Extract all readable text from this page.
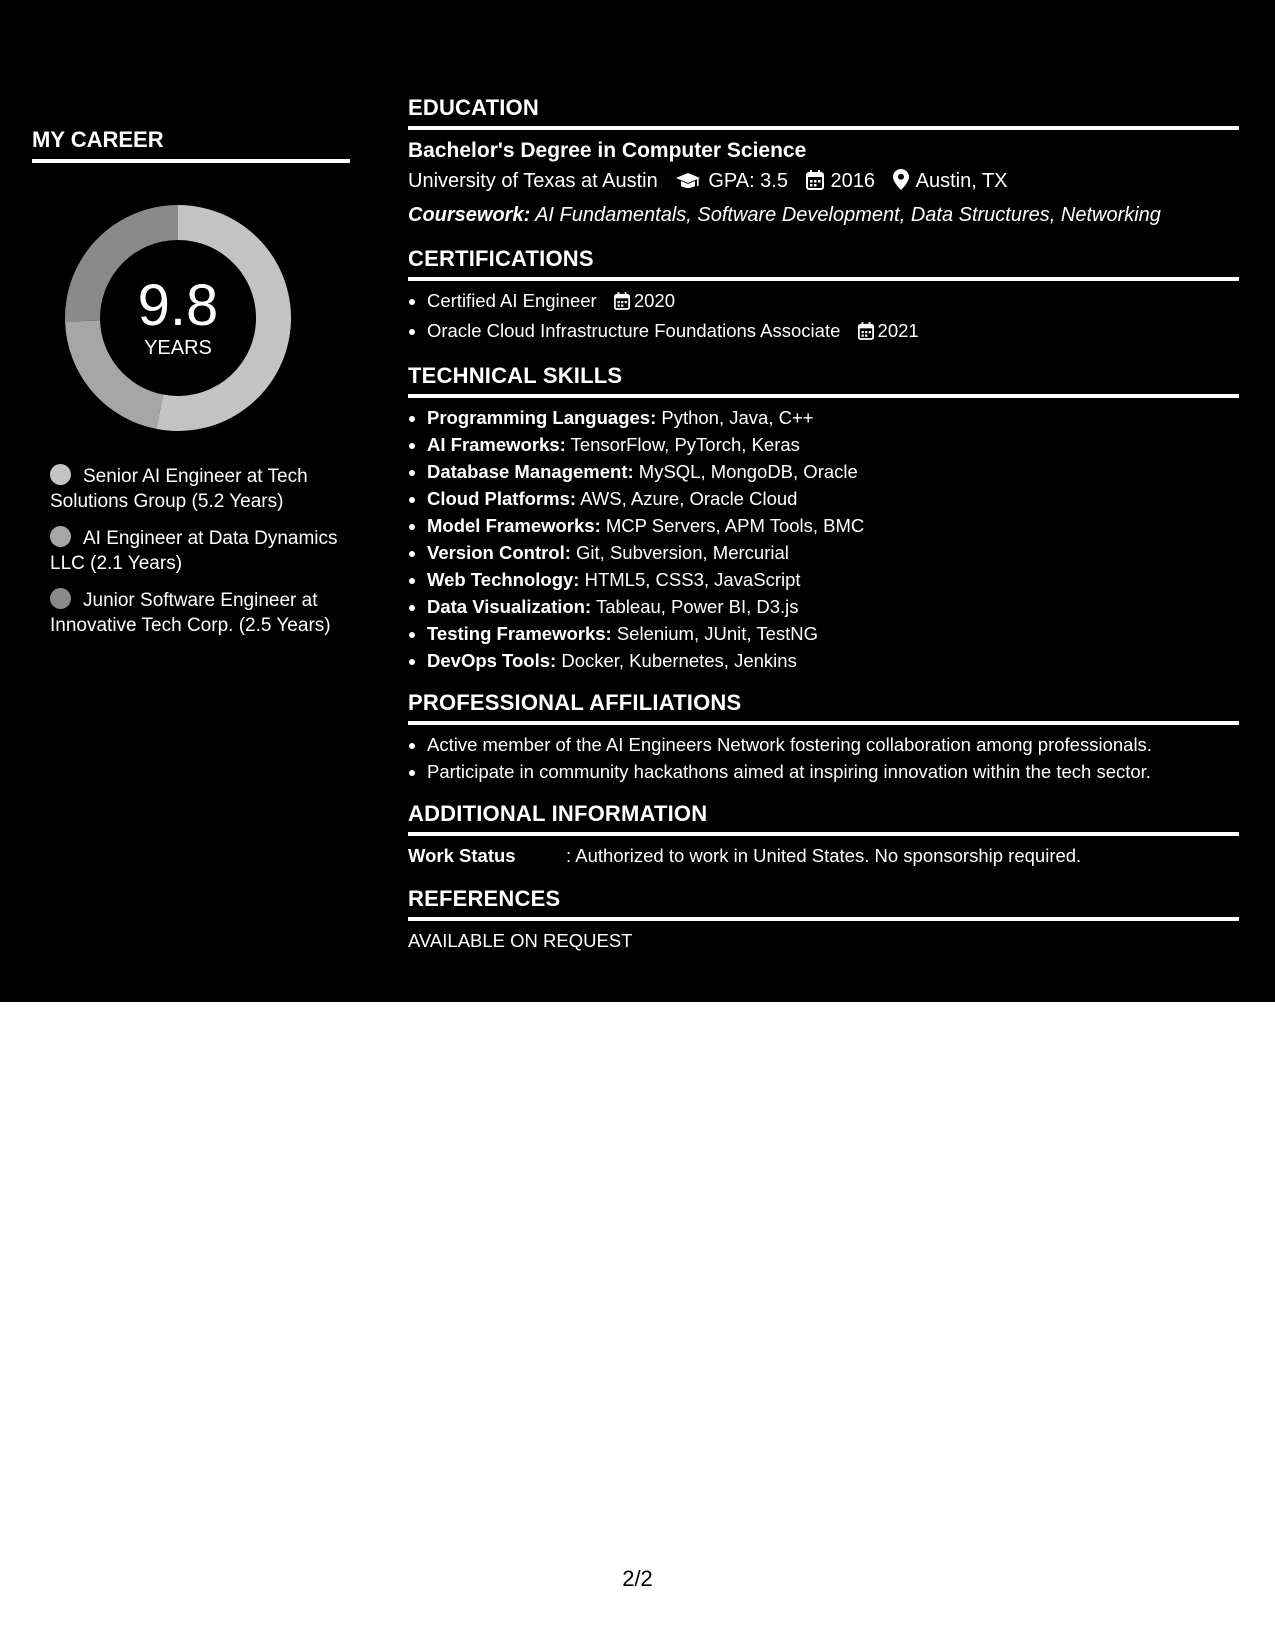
MY CAREER
9.8
YEARS
Senior AI Engineer at Tech Solutions Group (5.2 Years)
AI Engineer at Data Dynamics LLC (2.1 Years)
Junior Software Engineer at Innovative Tech Corp. (2.5 Years)
EDUCATION
Bachelor's Degree in Computer Science
University of Texas at Austin	GPA: 3.5 2016 Austin, TX
Coursework: AI Fundamentals, Software Development, Data Structures, Networking
CERTIFICATIONS
• Certified AI Engineer 2020
• Oracle Cloud Infrastructure Foundations Associate 2021
TECHNICAL SKILLS
• Programming Languages: Python, Java, C++
• AI Frameworks: TensorFlow, PyTorch, Keras
• Database Management: MySQL, MongoDB, Oracle
• Cloud Platforms: AWS, Azure, Oracle Cloud
• Model Frameworks: MCP Servers, APM Tools, BMC
• Version Control: Git, Subversion, Mercurial
• Web Technology: HTML5, CSS3, JavaScript
• Data Visualization: Tableau, Power BI, D3.js
• Testing Frameworks: Selenium, JUnit, TestNG
• DevOps Tools: Docker, Kubernetes, Jenkins
PROFESSIONAL AFFILIATIONS
• Active member of the AI Engineers Network fostering collaboration among professionals.
• Participate in community hackathons aimed at inspiring innovation within the tech sector.
ADDITIONAL INFORMATION
Work Status	: Authorized to work in United States. No sponsorship required.
REFERENCES
AVAILABLE ON REQUEST
2/2
